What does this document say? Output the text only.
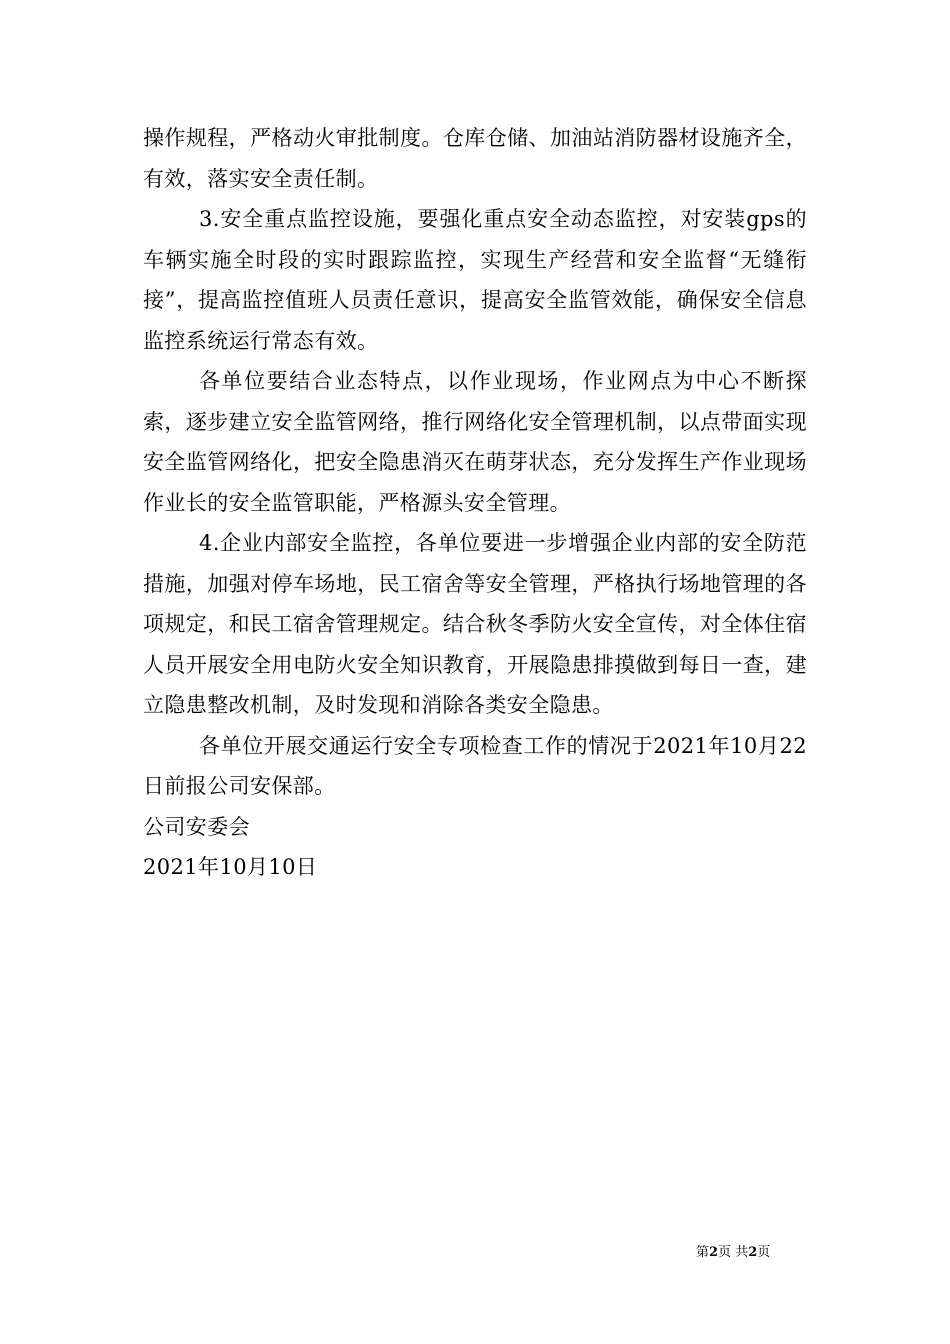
操作规程，严格动火审批制度。仓库仓储、加油站消防器材设施齐全，有效，落实安全责任制。

3.安全重点监控设施，要强化重点安全动态监控，对安装gps的车辆实施全时段的实时跟踪监控，实现生产经营和安全监督“无缝衔接”，提高监控值班人员责任意识，提高安全监管效能，确保安全信息监控系统运行常态有效。

各单位要结合业态特点，以作业现场，作业网点为中心不断探索，逐步建立安全监管网络，推行网络化安全管理机制，以点带面实现安全监管网络化，把安全隐患消灭在萌芽状态，充分发挥生产作业现场作业长的安全监管职能，严格源头安全管理。

4.企业内部安全监控，各单位要进一步增强企业内部的安全防范措施，加强对停车场地，民工宿舍等安全管理，严格执行场地管理的各项规定，和民工宿舍管理规定。结合秋冬季防火安全宣传，对全体住宿人员开展安全用电防火安全知识教育，开展隐患排摸做到每日一查，建立隐患整改机制，及时发现和消除各类安全隐患。

各单位开展交通运行安全专项检查工作的情况于2021年10月22日前报公司安保部。

公司安委会

2021年10月10日

第2页 共2页
